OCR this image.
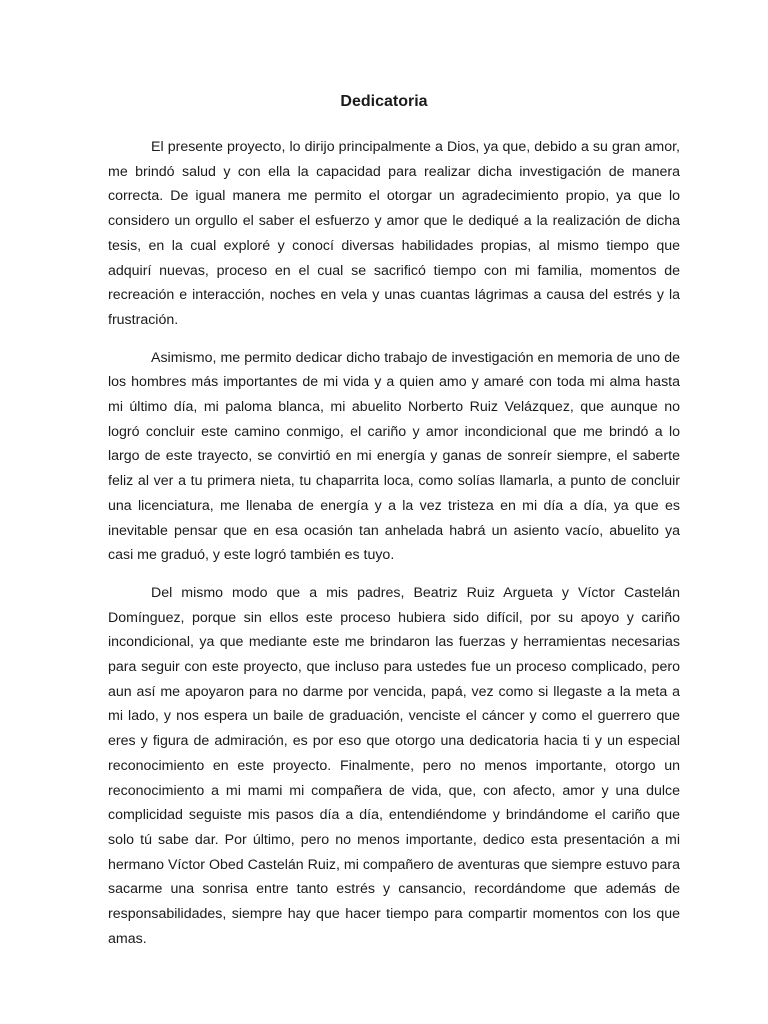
Dedicatoria

El presente proyecto, lo dirijo principalmente a Dios, ya que, debido a su gran amor, me brindó salud y con ella la capacidad para realizar dicha investigación de manera correcta. De igual manera me permito el otorgar un agradecimiento propio, ya que lo considero un orgullo el saber el esfuerzo y amor que le dediqué a la realización de dicha tesis, en la cual exploré y conocí diversas habilidades propias, al mismo tiempo que adquirí nuevas, proceso en el cual se sacrificó tiempo con mi familia, momentos de recreación e interacción, noches en vela y unas cuantas lágrimas a causa del estrés y la frustración.

Asimismo, me permito dedicar dicho trabajo de investigación en memoria de uno de los hombres más importantes de mi vida y a quien amo y amaré con toda mi alma hasta mi último día, mi paloma blanca, mi abuelito Norberto Ruiz Velázquez, que aunque no logró concluir este camino conmigo, el cariño y amor incondicional que me brindó a lo largo de este trayecto, se convirtió en mi energía y ganas de sonreír siempre, el saberte feliz al ver a tu primera nieta, tu chaparrita loca, como solías llamarla, a punto de concluir una licenciatura, me llenaba de energía y a la vez tristeza en mi día a día, ya que es inevitable pensar que en esa ocasión tan anhelada habrá un asiento vacío, abuelito ya casi me graduó, y este logró también es tuyo.

Del mismo modo que a mis padres, Beatriz Ruiz Argueta y Víctor Castelán Domínguez, porque sin ellos este proceso hubiera sido difícil, por su apoyo y cariño incondicional, ya que mediante este me brindaron las fuerzas y herramientas necesarias para seguir con este proyecto, que incluso para ustedes fue un proceso complicado, pero aun así me apoyaron para no darme por vencida, papá, vez como si llegaste a la meta a mi lado, y nos espera un baile de graduación, venciste el cáncer y como el guerrero que eres y figura de admiración, es por eso que otorgo una dedicatoria hacia ti y un especial reconocimiento en este proyecto. Finalmente, pero no menos importante, otorgo un reconocimiento a mi mami mi compañera de vida, que, con afecto, amor y una dulce complicidad seguiste mis pasos día a día, entendiéndome y brindándome el cariño que solo tú sabe dar. Por último, pero no menos importante, dedico esta presentación a mi hermano Víctor Obed Castelán Ruiz, mi compañero de aventuras que siempre estuvo para sacarme una sonrisa entre tanto estrés y cansancio, recordándome que además de responsabilidades, siempre hay que hacer tiempo para compartir momentos con los que amas.
